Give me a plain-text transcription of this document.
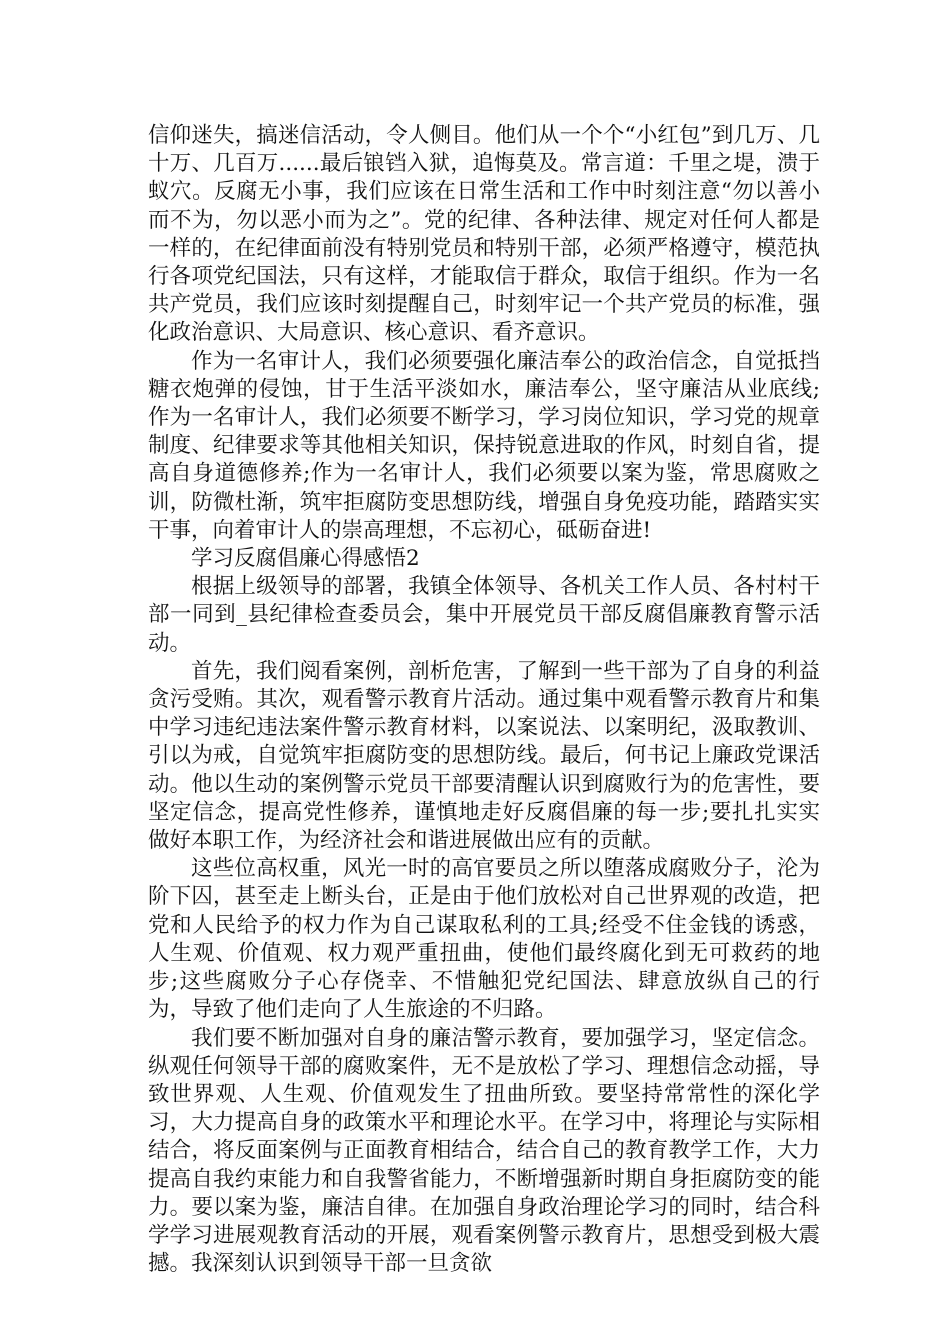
信仰迷失，搞迷信活动，令人侧目。他们从一个个“小红包”到几万、几十万、几百万......最后锒铛入狱，追悔莫及。常言道：千里之堤，溃于蚁穴。反腐无小事，我们应该在日常生活和工作中时刻注意“勿以善小而不为，勿以恶小而为之”。党的纪律、各种法律、规定对任何人都是一样的，在纪律面前没有特别党员和特别干部，必须严格遵守，模范执行各项党纪国法，只有这样，才能取信于群众，取信于组织。作为一名共产党员，我们应该时刻提醒自己，时刻牢记一个共产党员的标准，强化政治意识、大局意识、核心意识、看齐意识。

作为一名审计人，我们必须要强化廉洁奉公的政治信念，自觉抵挡糖衣炮弹的侵蚀，甘于生活平淡如水，廉洁奉公，坚守廉洁从业底线;作为一名审计人，我们必须要不断学习，学习岗位知识，学习党的规章制度、纪律要求等其他相关知识，保持锐意进取的作风，时刻自省，提高自身道德修养;作为一名审计人，我们必须要以案为鉴，常思腐败之训，防微杜渐，筑牢拒腐防变思想防线，增强自身免疫功能，踏踏实实干事，向着审计人的崇高理想，不忘初心，砥砺奋进!

学习反腐倡廉心得感悟2

根据上级领导的部署，我镇全体领导、各机关工作人员、各村村干部一同到_县纪律检查委员会，集中开展党员干部反腐倡廉教育警示活动。

首先，我们阅看案例，剖析危害，了解到一些干部为了自身的利益贪污受贿。其次，观看警示教育片活动。通过集中观看警示教育片和集中学习违纪违法案件警示教育材料，以案说法、以案明纪，汲取教训、引以为戒，自觉筑牢拒腐防变的思想防线。最后，何书记上廉政党课活动。他以生动的案例警示党员干部要清醒认识到腐败行为的危害性，要坚定信念，提高党性修养，谨慎地走好反腐倡廉的每一步;要扎扎实实做好本职工作，为经济社会和谐进展做出应有的贡献。

这些位高权重，风光一时的高官要员之所以堕落成腐败分子，沦为阶下囚，甚至走上断头台，正是由于他们放松对自己世界观的改造，把党和人民给予的权力作为自己谋取私利的工具;经受不住金钱的诱惑，人生观、价值观、权力观严重扭曲，使他们最终腐化到无可救药的地步;这些腐败分子心存侥幸、不惜触犯党纪国法、肆意放纵自己的行为，导致了他们走向了人生旅途的不归路。

我们要不断加强对自身的廉洁警示教育，要加强学习，坚定信念。纵观任何领导干部的腐败案件，无不是放松了学习、理想信念动摇，导致世界观、人生观、价值观发生了扭曲所致。要坚持常常性的深化学习，大力提高自身的政策水平和理论水平。在学习中，将理论与实际相结合，将反面案例与正面教育相结合，结合自己的教育教学工作，大力提高自我约束能力和自我警省能力，不断增强新时期自身拒腐防变的能力。要以案为鉴，廉洁自律。在加强自身政治理论学习的同时，结合科学学习进展观教育活动的开展，观看案例警示教育片，思想受到极大震撼。我深刻认识到领导干部一旦贪欲
